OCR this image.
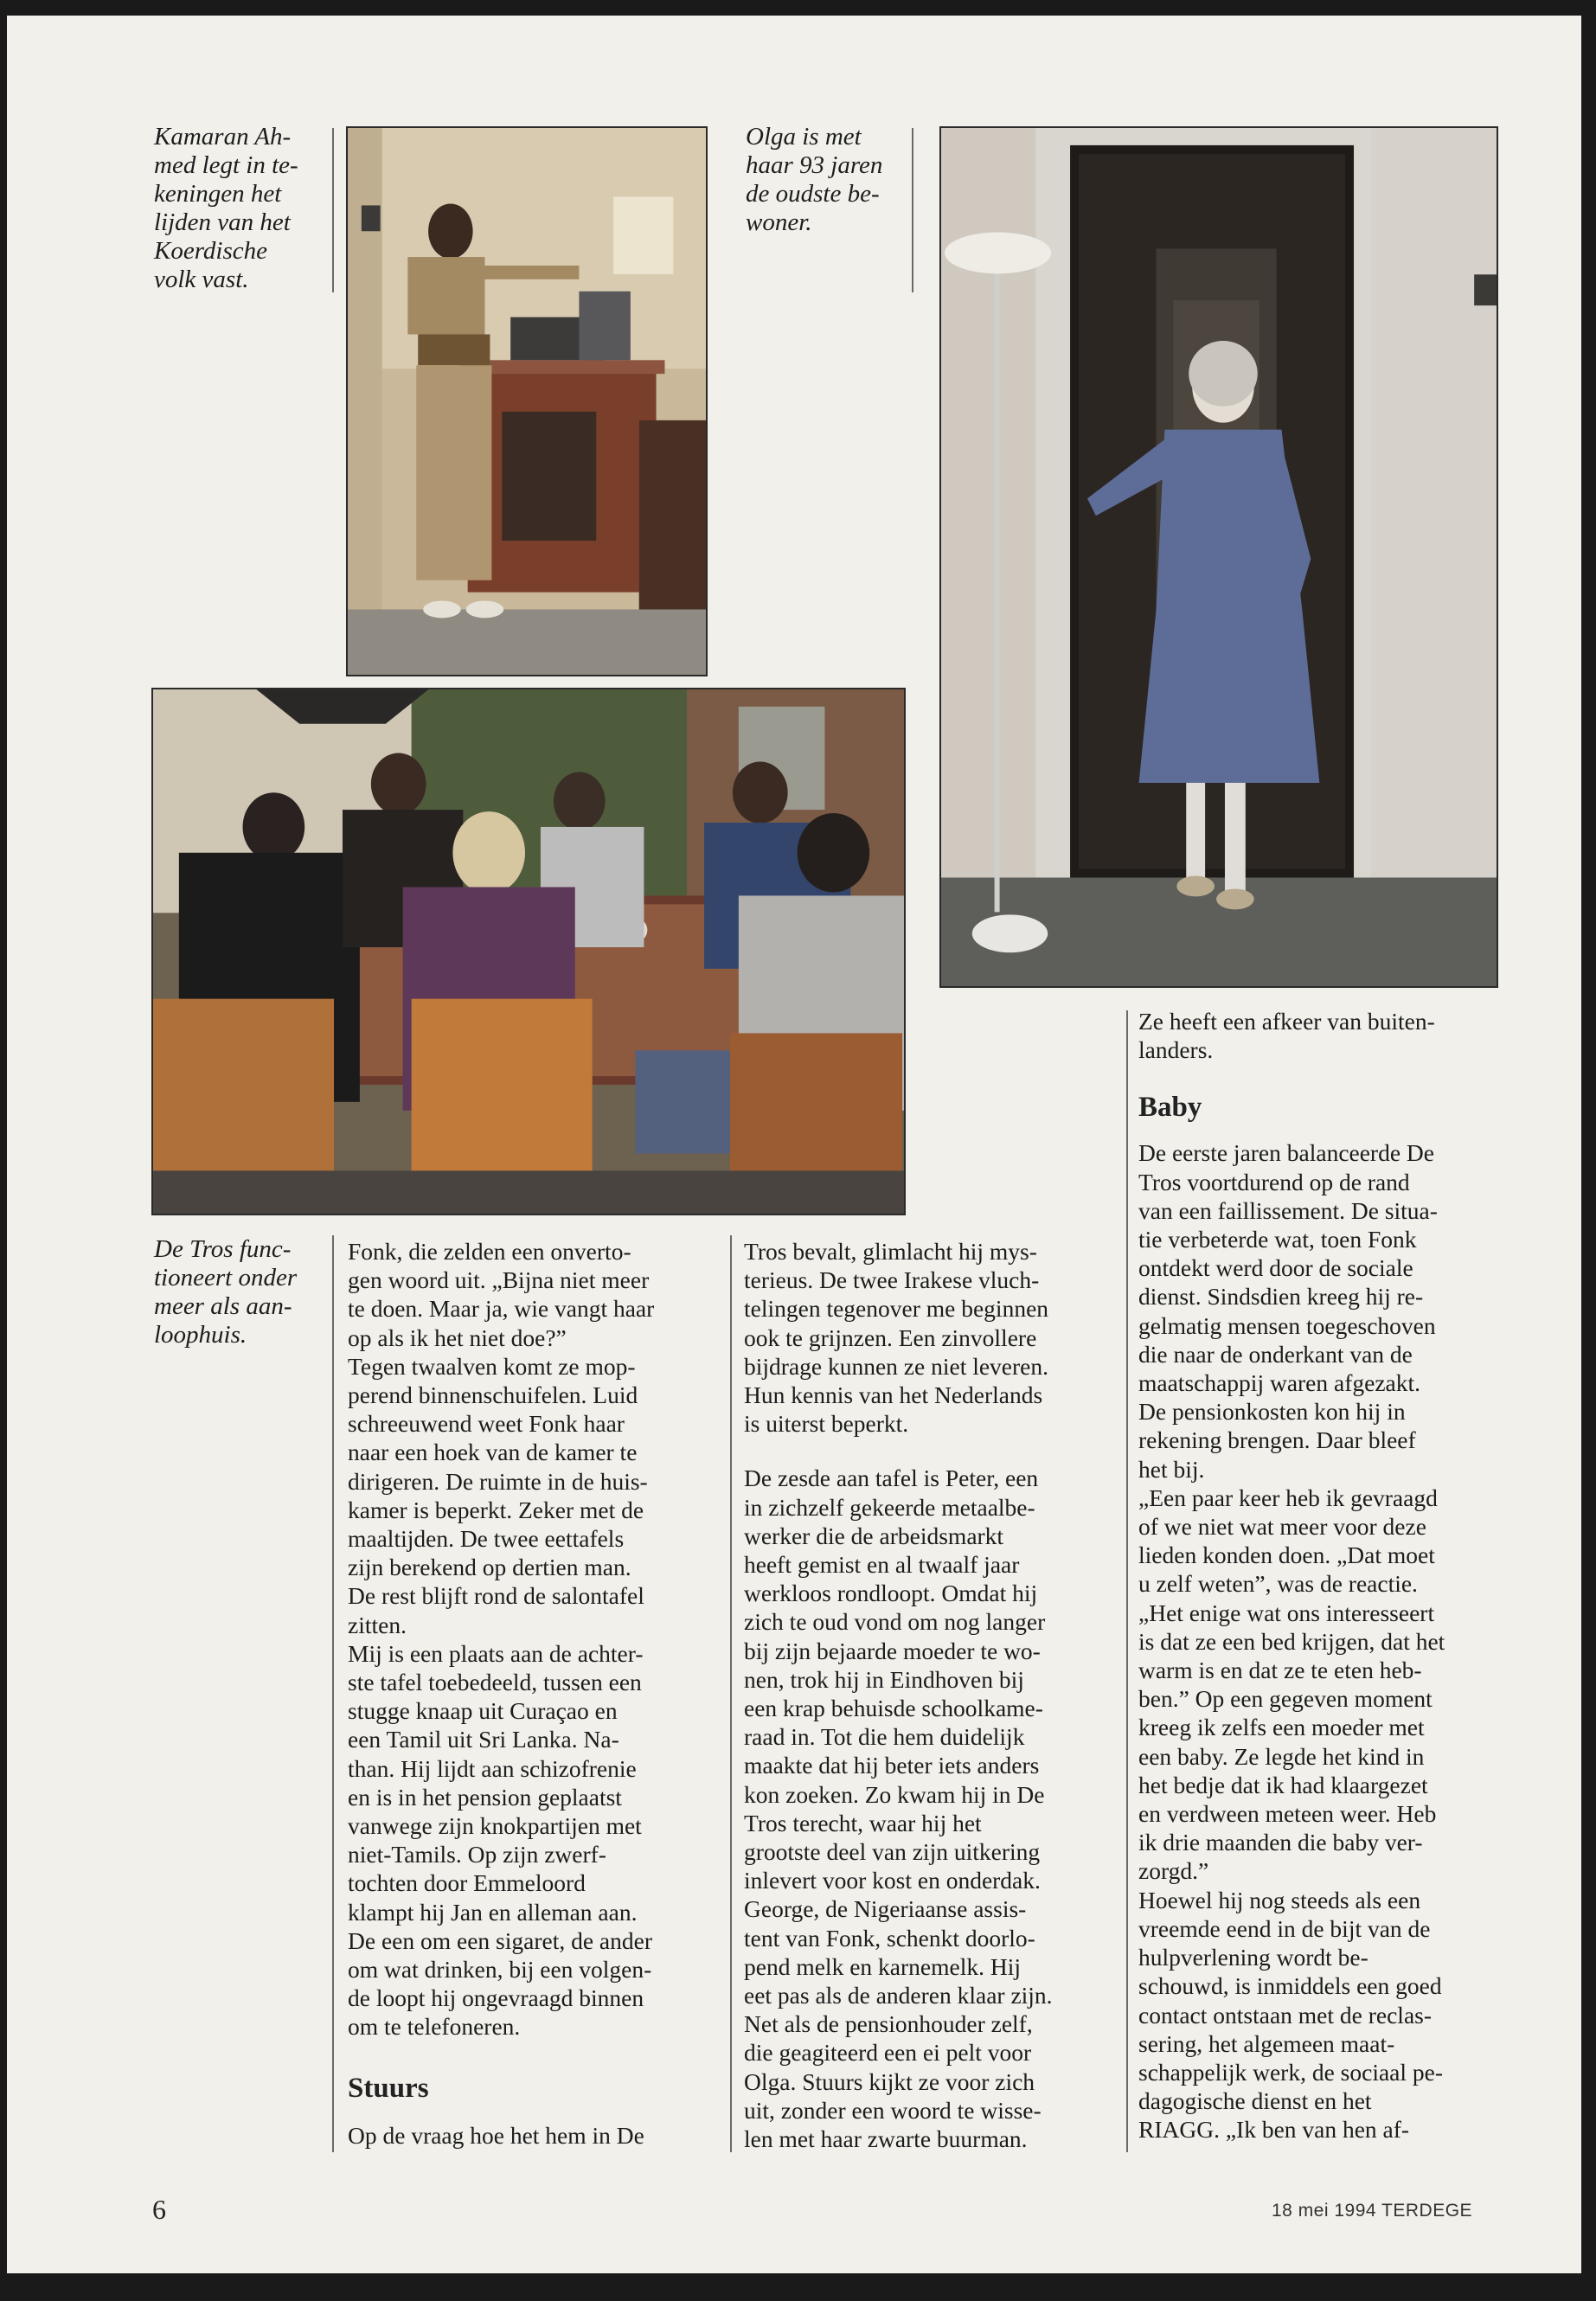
Kamaran Ah-
med legt in te-
keningen het
lijden van het
Koerdische
volk vast.
Olga is met
haar 93 jaren
de oudste be-
woner.
De Tros func-
tioneert onder
meer als aan-
loophuis.

Fonk, die zelden een onverto-
gen woord uit. „Bijna niet meer
te doen. Maar ja, wie vangt haar
op als ik het niet doe?”
Tegen twaalven komt ze mop-
perend binnenschuifelen. Luid
schreeuwend weet Fonk haar
naar een hoek van de kamer te
dirigeren. De ruimte in de huis-
kamer is beperkt. Zeker met de
maaltijden. De twee eettafels
zijn berekend op dertien man.
De rest blijft rond de salontafel
zitten.
Mij is een plaats aan de achter-
ste tafel toebedeeld, tussen een
stugge knaap uit Curaçao en
een Tamil uit Sri Lanka. Na-
than. Hij lijdt aan schizofrenie
en is in het pension geplaatst
vanwege zijn knokpartijen met
niet-Tamils. Op zijn zwerf-
tochten door Emmeloord
klampt hij Jan en alleman aan.
De een om een sigaret, de ander
om wat drinken, bij een volgen-
de loopt hij ongevraagd binnen
om te telefoneren.

Stuurs

Op de vraag hoe het hem in De

Tros bevalt, glimlacht hij mys-
terieus. De twee Irakese vluch-
telingen tegenover me beginnen
ook te grijnzen. Een zinvollere
bijdrage kunnen ze niet leveren.
Hun kennis van het Nederlands
is uiterst beperkt.

De zesde aan tafel is Peter, een
in zichzelf gekeerde metaalbe-
werker die de arbeidsmarkt
heeft gemist en al twaalf jaar
werkloos rondloopt. Omdat hij
zich te oud vond om nog langer
bij zijn bejaarde moeder te wo-
nen, trok hij in Eindhoven bij
een krap behuisde schoolkame-
raad in. Tot die hem duidelijk
maakte dat hij beter iets anders
kon zoeken. Zo kwam hij in De
Tros terecht, waar hij het
grootste deel van zijn uitkering
inlevert voor kost en onderdak.
George, de Nigeriaanse assis-
tent van Fonk, schenkt doorlo-
pend melk en karnemelk. Hij
eet pas als de anderen klaar zijn.
Net als de pensionhouder zelf,
die geagiteerd een ei pelt voor
Olga. Stuurs kijkt ze voor zich
uit, zonder een woord te wisse-
len met haar zwarte buurman.

Ze heeft een afkeer van buiten-
landers.

Baby

De eerste jaren balanceerde De
Tros voortdurend op de rand
van een faillissement. De situa-
tie verbeterde wat, toen Fonk
ontdekt werd door de sociale
dienst. Sindsdien kreeg hij re-
gelmatig mensen toegeschoven
die naar de onderkant van de
maatschappij waren afgezakt.
De pensionkosten kon hij in
rekening brengen. Daar bleef
het bij.
„Een paar keer heb ik gevraagd
of we niet wat meer voor deze
lieden konden doen. „Dat moet
u zelf weten”, was de reactie.
„Het enige wat ons interesseert
is dat ze een bed krijgen, dat het
warm is en dat ze te eten heb-
ben.” Op een gegeven moment
kreeg ik zelfs een moeder met
een baby. Ze legde het kind in
het bedje dat ik had klaargezet
en verdween meteen weer. Heb
ik drie maanden die baby ver-
zorgd.”
Hoewel hij nog steeds als een
vreemde eend in de bijt van de
hulpverlening wordt be-
schouwd, is inmiddels een goed
contact ontstaan met de reclas-
sering, het algemeen maat-
schappelijk werk, de sociaal pe-
dagogische dienst en het
RIAGG. „Ik ben van hen af-

6	18 mei 1994 TERDEGE
